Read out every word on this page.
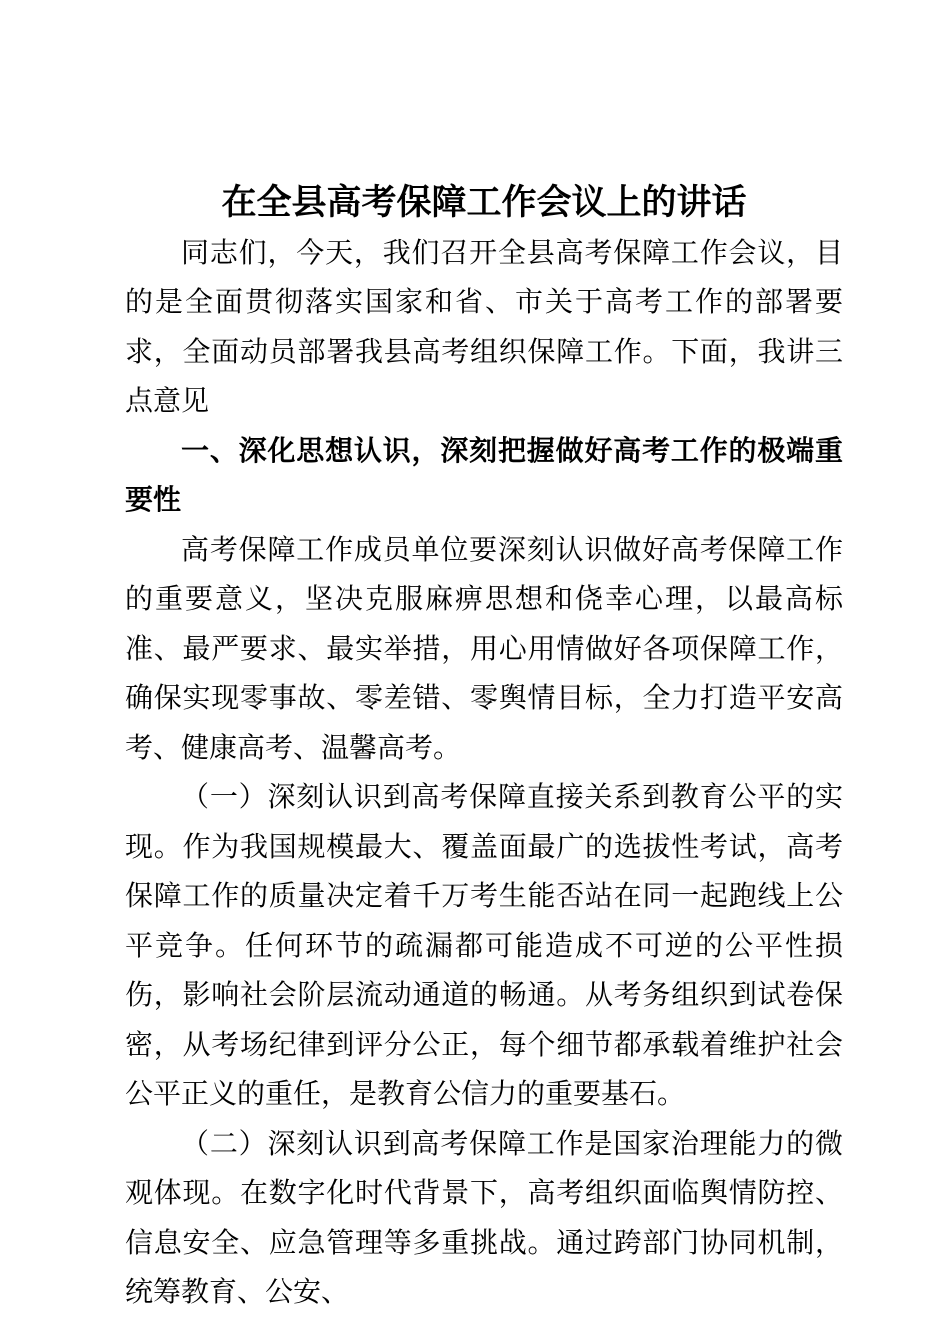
在全县高考保障工作会议上的讲话

同志们，今天，我们召开全县高考保障工作会议，目的是全面贯彻落实国家和省、市关于高考工作的部署要求，全面动员部署我县高考组织保障工作。下面，我讲三点意见

一、深化思想认识，深刻把握做好高考工作的极端重要性

高考保障工作成员单位要深刻认识做好高考保障工作的重要意义，坚决克服麻痹思想和侥幸心理，以最高标准、最严要求、最实举措，用心用情做好各项保障工作，确保实现零事故、零差错、零舆情目标，全力打造平安高考、健康高考、温馨高考。

（一）深刻认识到高考保障直接关系到教育公平的实现。作为我国规模最大、覆盖面最广的选拔性考试，高考保障工作的质量决定着千万考生能否站在同一起跑线上公平竞争。任何环节的疏漏都可能造成不可逆的公平性损伤，影响社会阶层流动通道的畅通。从考务组织到试卷保密，从考场纪律到评分公正，每个细节都承载着维护社会公平正义的重任，是教育公信力的重要基石。

（二）深刻认识到高考保障工作是国家治理能力的微观体现。在数字化时代背景下，高考组织面临舆情防控、信息安全、应急管理等多重挑战。通过跨部门协同机制，统筹教育、公安、
